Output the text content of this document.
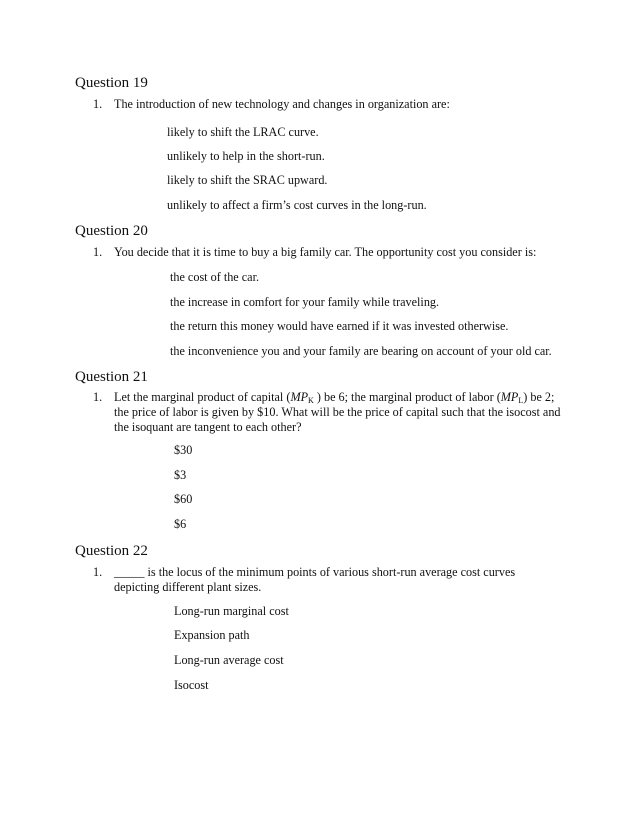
Question 19
1. The introduction of new technology and changes in organization are:
likely to shift the LRAC curve.
unlikely to help in the short-run.
likely to shift the SRAC upward.
unlikely to affect a firm’s cost curves in the long-run.
Question 20
1. You decide that it is time to buy a big family car. The opportunity cost you consider is:
the cost of the car.
the increase in comfort for your family while traveling.
the return this money would have earned if it was invested otherwise.
the inconvenience you and your family are bearing on account of your old car.
Question 21
1. Let the marginal product of capital ($MP_K$ ) be 6; the marginal product of labor $(MP_L)$ be 2; the price of labor is given by $10. What will be the price of capital such that the isocost and the isoquant are tangent to each other?
$30
$3
$60
$6
Question 22
1. _____ is the locus of the minimum points of various short-run average cost curves depicting different plant sizes.
Long-run marginal cost
Expansion path
Long-run average cost
Isocost
